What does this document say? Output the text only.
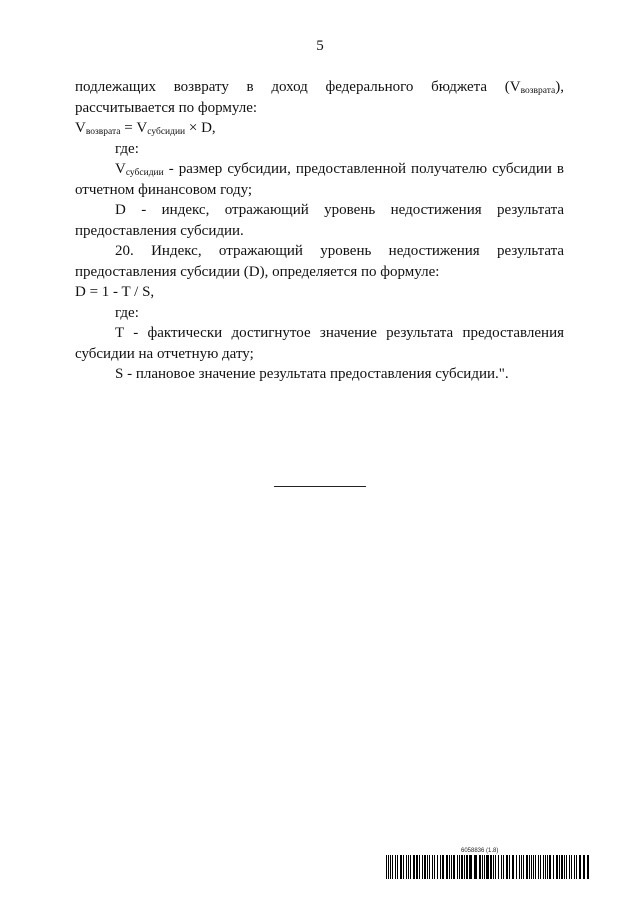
5

подлежащих возврату в доход федерального бюджета $(V_{возврата})$,

рассчитывается по формуле:

$V_{возврата} = V_{субсидии} \times D$,

где:

$V_{субсидии}$ - размер субсидии, предоставленной получателю субсидии в отчетном финансовом году;

D - индекс, отражающий уровень недостижения результата предоставления субсидии.

20. Индекс, отражающий уровень недостижения результата предоставления субсидии (D), определяется по формуле:

D = 1 - T / S,

где:

T - фактически достигнутое значение результата предоставления субсидии на отчетную дату;

S - плановое значение результата предоставления субсидии.".

6058836 (1.8)
